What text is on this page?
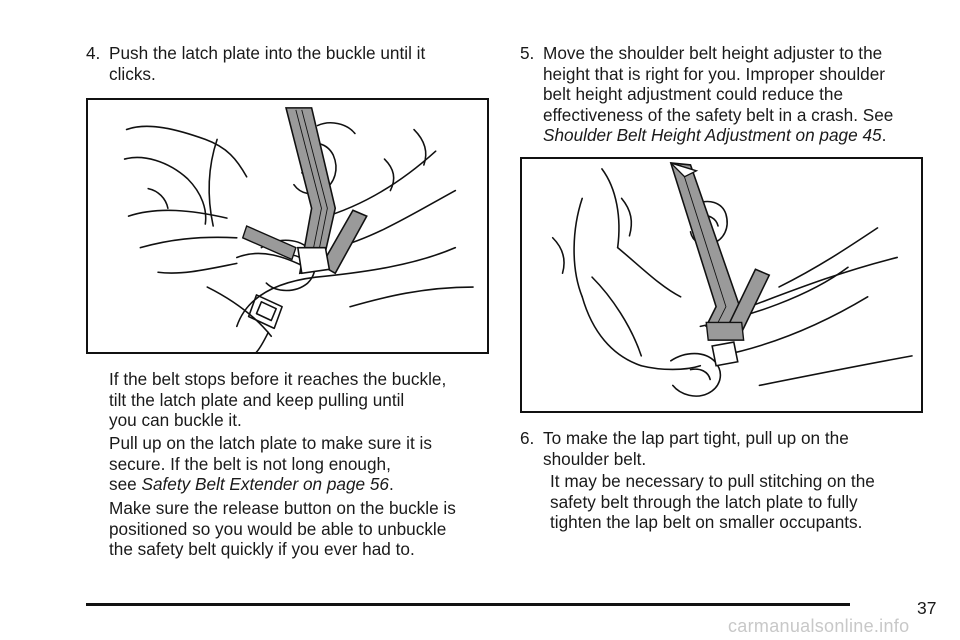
4. Push the latch plate into the buckle until it

clicks.

If the belt stops before it reaches the buckle,

tilt the latch plate and keep pulling until

you can buckle it.

Pull up on the latch plate to make sure it is

secure. If the belt is not long enough,

see Safety Belt Extender on page 56.

Make sure the release button on the buckle is

positioned so you would be able to unbuckle

the safety belt quickly if you ever had to.

5. Move the shoulder belt height adjuster to the

height that is right for you. Improper shoulder

belt height adjustment could reduce the

effectiveness of the safety belt in a crash. See

Shoulder Belt Height Adjustment on page 45.

6. To make the lap part tight, pull up on the

shoulder belt.

It may be necessary to pull stitching on the

safety belt through the latch plate to fully

tighten the lap belt on smaller occupants.

37
carmanualsonline.info
